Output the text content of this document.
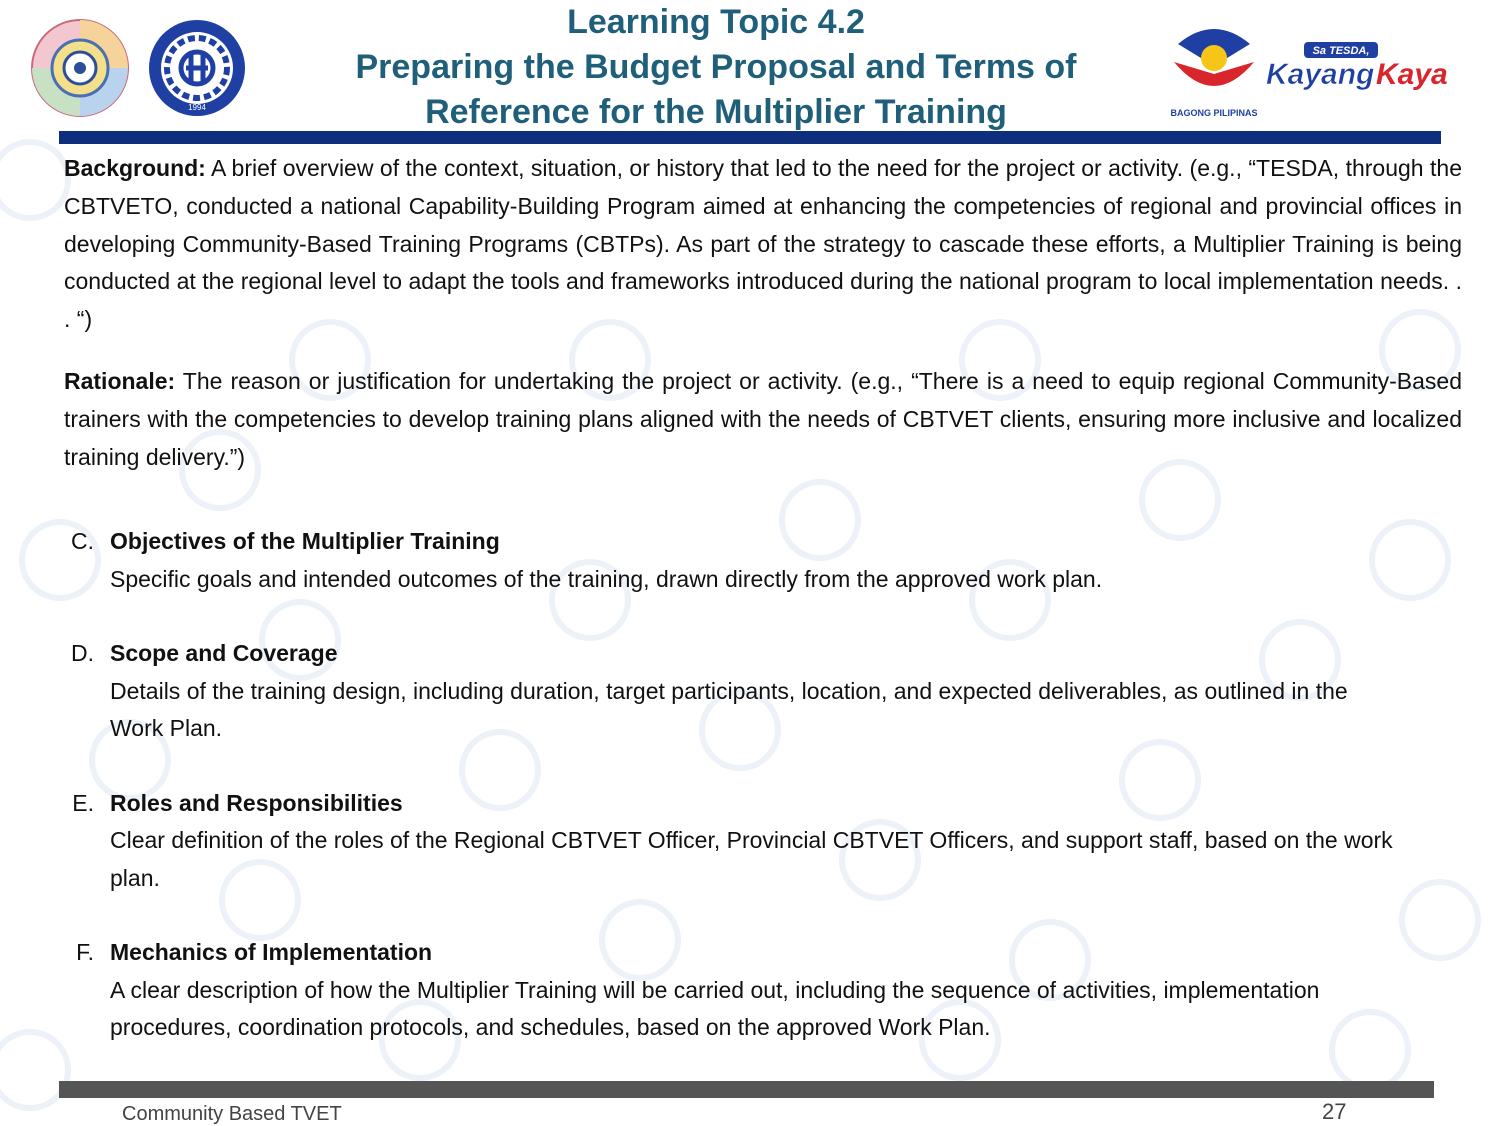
1994
Learning Topic 4.2
Preparing the Budget Proposal and Terms of
Reference for the Multiplier Training	BAGONG PILIPINAS
Sa TESDA,
Kayang Kaya

Background: A brief overview of the context, situation, or history that led to the need for the project or activity. (e.g., “TESDA, through the CBTVETO, conducted a national Capability-Building Program aimed at enhancing the competencies of regional and provincial offices in developing Community-Based Training Programs (CBTPs). As part of the strategy to cascade these efforts, a Multiplier Training is being conducted at the regional level to adapt the tools and frameworks introduced during the national program to local implementation needs. . . “)

Rationale: The reason or justification for undertaking the project or activity. (e.g., “There is a need to equip regional Community-Based trainers with the competencies to develop training plans aligned with the needs of CBTVET clients, ensuring more inclusive and localized training delivery.”)

C. Objectives of the Multiplier Training
Specific goals and intended outcomes of the training, drawn directly from the approved work plan.
D. Scope and Coverage
Details of the training design, including duration, target participants, location, and expected deliverables, as outlined in the Work Plan.
E. Roles and Responsibilities
Clear definition of the roles of the Regional CBTVET Officer, Provincial CBTVET Officers, and support staff, based on the work plan.
F. Mechanics of Implementation
A clear description of how the Multiplier Training will be carried out, including the sequence of activities, implementation procedures, coordination protocols, and schedules, based on the approved Work Plan.
Community Based TVET	27
